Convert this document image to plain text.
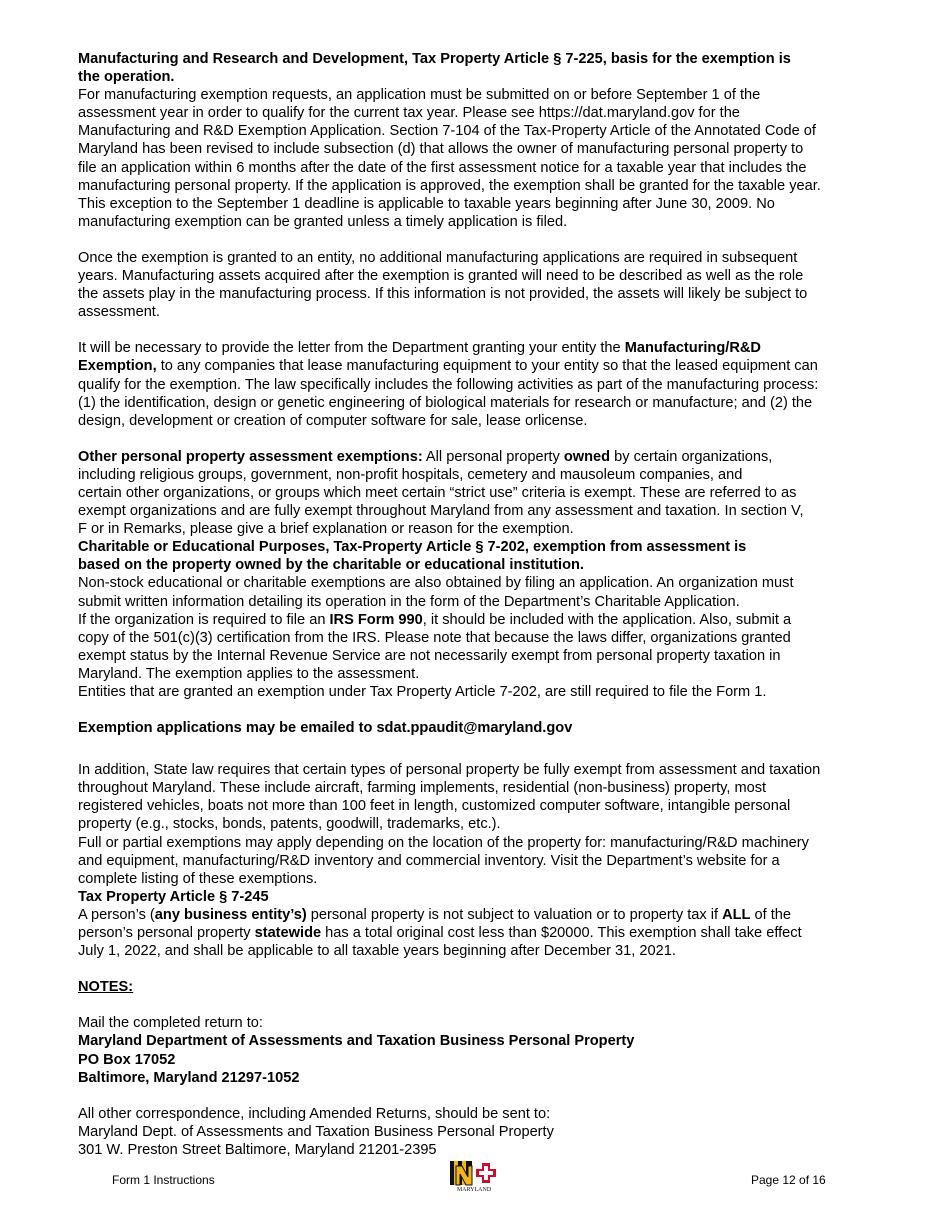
Manufacturing and Research and Development, Tax Property Article § 7-225, basis for the exemption is
the operation.

For manufacturing exemption requests, an application must be submitted on or before September 1 of the
assessment year in order to qualify for the current tax year. Please see https://dat.maryland.gov for the
Manufacturing and R&D Exemption Application. Section 7-104 of the Tax-Property Article of the Annotated Code of
Maryland has been revised to include subsection (d) that allows the owner of manufacturing personal property to
file an application within 6 months after the date of the first assessment notice for a taxable year that includes the
manufacturing personal property. If the application is approved, the exemption shall be granted for the taxable year.
This exception to the September 1 deadline is applicable to taxable years beginning after June 30, 2009. No
manufacturing exemption can be granted unless a timely application is filed.

Once the exemption is granted to an entity, no additional manufacturing applications are required in subsequent
years. Manufacturing assets acquired after the exemption is granted will need to be described as well as the role
the assets play in the manufacturing process. If this information is not provided, the assets will likely be subject to
assessment.

It will be necessary to provide the letter from the Department granting your entity the Manufacturing/R&D
Exemption, to any companies that lease manufacturing equipment to your entity so that the leased equipment can
qualify for the exemption. The law specifically includes the following activities as part of the manufacturing process:
(1) the identification, design or genetic engineering of biological materials for research or manufacture; and (2) the
design, development or creation of computer software for sale, lease orlicense.

Other personal property assessment exemptions: All personal property owned by certain organizations,
including religious groups, government, non-profit hospitals, cemetery and mausoleum companies, and
certain other organizations, or groups which meet certain “strict use” criteria is exempt. These are referred to as
exempt organizations and are fully exempt throughout Maryland from any assessment and taxation. In section V,
F or in Remarks, please give a brief explanation or reason for the exemption.

Charitable or Educational Purposes, Tax-Property Article § 7-202, exemption from assessment is
based on the property owned by the charitable or educational institution.

Non-stock educational or charitable exemptions are also obtained by filing an application. An organization must
submit written information detailing its operation in the form of the Department’s Charitable Application.

If the organization is required to file an IRS Form 990, it should be included with the application. Also, submit a
copy of the 501(c)(3) certification from the IRS. Please note that because the laws differ, organizations granted
exempt status by the Internal Revenue Service are not necessarily exempt from personal property taxation in
Maryland. The exemption applies to the assessment.

Entities that are granted an exemption under Tax Property Article 7-202, are still required to file the Form 1.

Exemption applications may be emailed to sdat.ppaudit@maryland.gov

In addition, State law requires that certain types of personal property be fully exempt from assessment and taxation
throughout Maryland. These include aircraft, farming implements, residential (non-business) property, most
registered vehicles, boats not more than 100 feet in length, customized computer software, intangible personal
property (e.g., stocks, bonds, patents, goodwill, trademarks, etc.).

Full or partial exemptions may apply depending on the location of the property for: manufacturing/R&D machinery
and equipment, manufacturing/R&D inventory and commercial inventory. Visit the Department’s website for a
complete listing of these exemptions.

Tax Property Article § 7-245

A person’s (any business entity’s) personal property is not subject to valuation or to property tax if ALL of the
person’s personal property statewide has a total original cost less than $20000. This exemption shall take effect
July 1, 2022, and shall be applicable to all taxable years beginning after December 31, 2021.

NOTES:

Mail the completed return to:

Maryland Department of Assessments and Taxation Business Personal Property
PO Box 17052
Baltimore, Maryland 21297-1052

All other correspondence, including Amended Returns, should be sent to:

Maryland Dept. of Assessments and Taxation Business Personal Property
301 W. Preston Street Baltimore, Maryland 21201-2395

Form 1 Instructions
MARYLAND
Page 12 of 16
